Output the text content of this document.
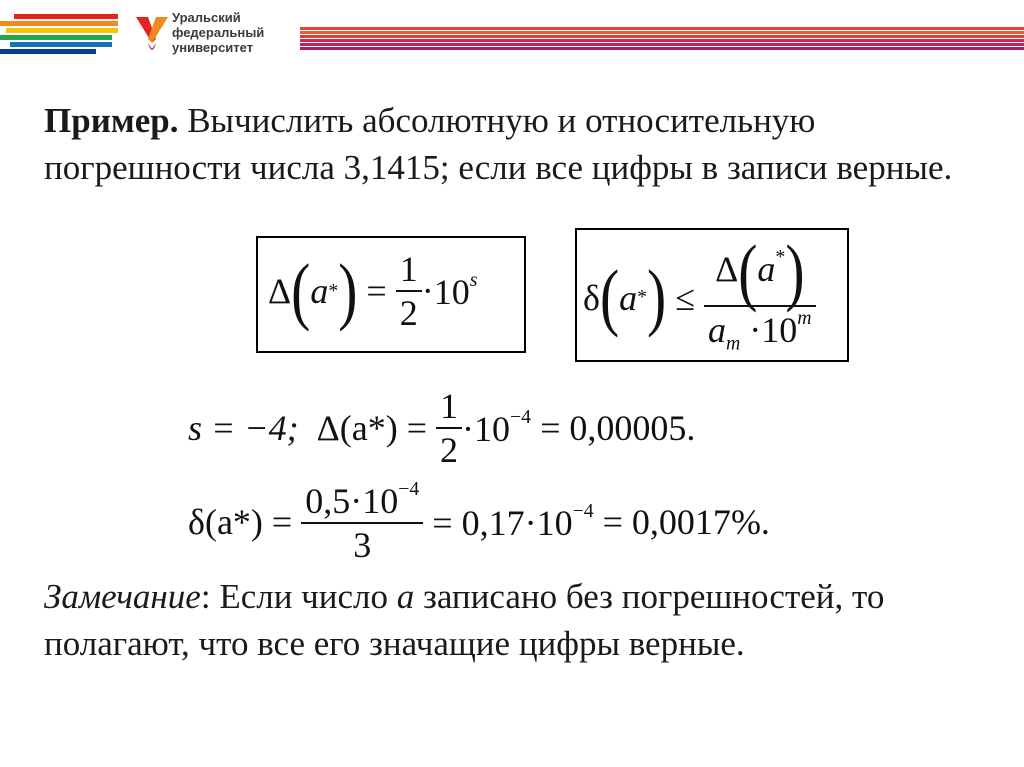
Уральский
федеральный
университет
Пример. Вычислить абсолютную и относительную погрешности числа 3,1415; если все цифры в записи верные.
$\Delta(a*) = \frac{1}{2} \cdot 10^s$	$\delta(a*) \le \frac{\Delta(a^*)}{a_m \cdot 10^m}$
s = −4; $\Delta(a*) = \frac{1}{2} \cdot 10^{-4} = 0,00005$.
$\delta(a*) = \frac{0,5\cdot 10^{-4}}{3} = 0,17\cdot 10^{-4} = 0,0017\%$.
Замечание: Если число a записано без погрешностей, то полагают, что все его значащие цифры верные.
